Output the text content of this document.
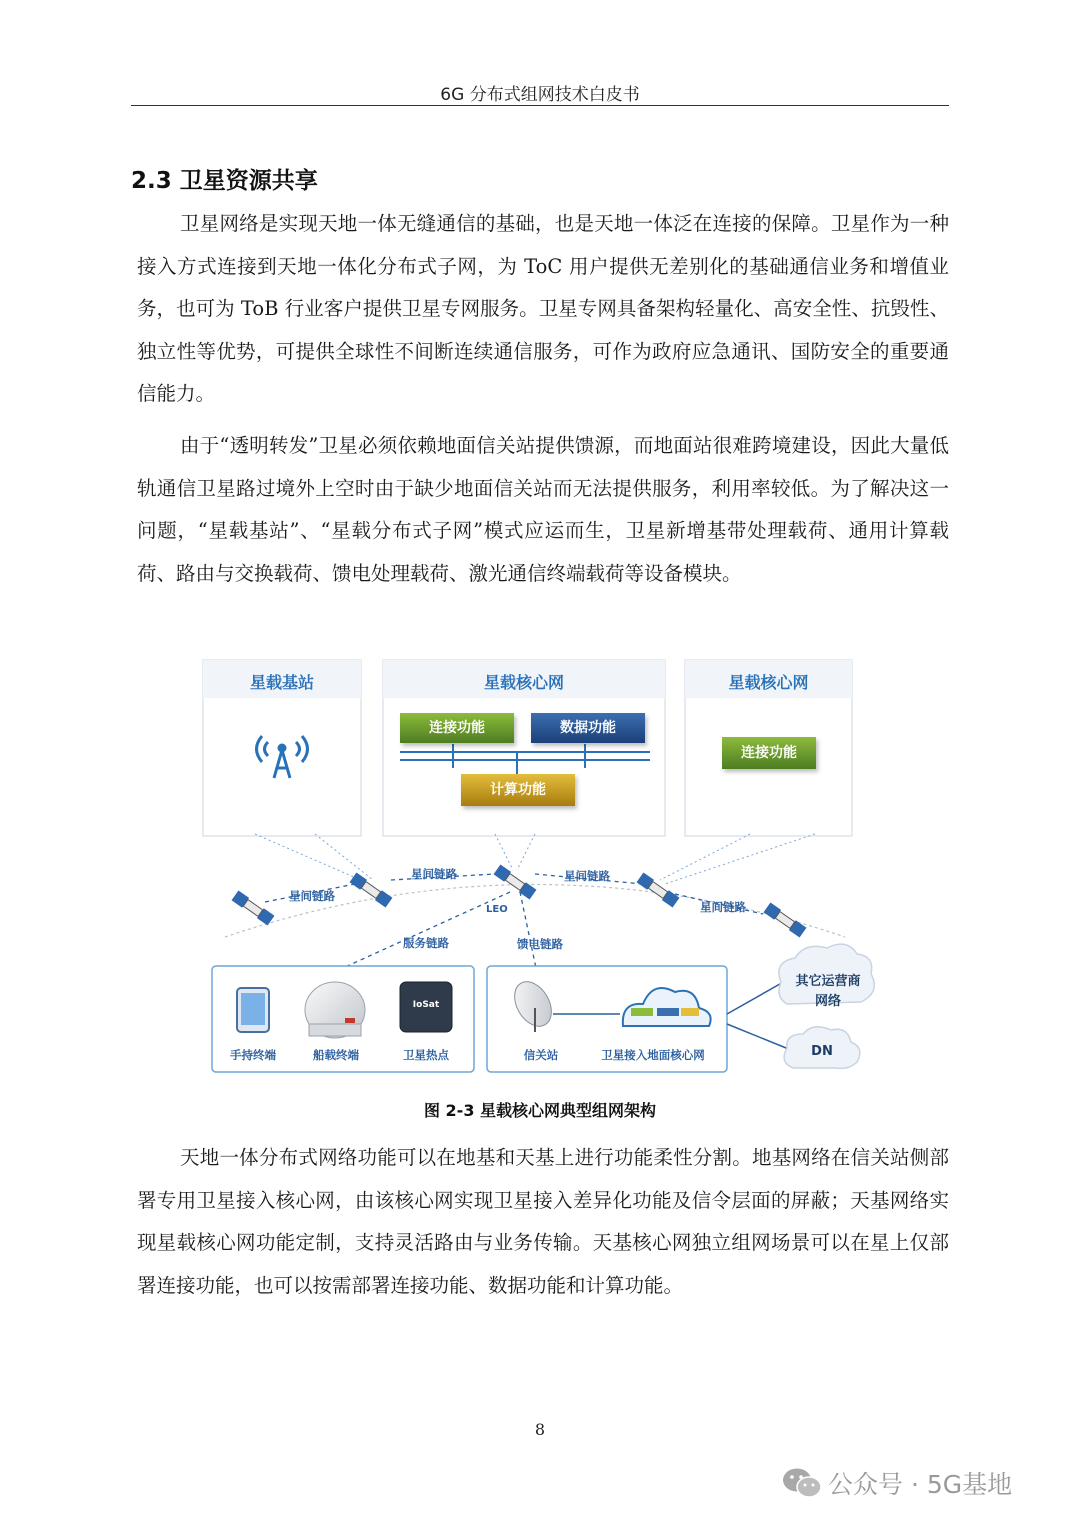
6G 分布式组网技术白皮书
2.3 卫星资源共享

卫星网络是实现天地一体无缝通信的基础，也是天地一体泛在连接的保障。卫星作为一种接入方式连接到天地一体化分布式子网，为 ToC 用户提供无差别化的基础通信业务和增值业务，也可为 ToB 行业客户提供卫星专网服务。卫星专网具备架构轻量化、高安全性、抗毁性、独立性等优势，可提供全球性不间断连续通信服务，可作为政府应急通讯、国防安全的重要通信能力。

由于“透明转发”卫星必须依赖地面信关站提供馈源，而地面站很难跨境建设，因此大量低轨通信卫星路过境外上空时由于缺少地面信关站而无法提供服务，利用率较低。为了解决这一问题，“星载基站”、“星载分布式子网”模式应运而生，卫星新增基带处理载荷、通用计算载荷、路由与交换载荷、馈电处理载荷、激光通信终端载荷等设备模块。

星载基站	星载核心网	星载核心网
连接功能	数据功能
计算功能
连接功能
星间链路
星间链路	星间链路
星间链路
LEO
服务链路	馈电链路
手持终端	船载终端	卫星热点
IoSat
信关站	卫星接入地面核心网
其它运营商
网络
DN
图 2-3 星载核心网典型组网架构

天地一体分布式网络功能可以在地基和天基上进行功能柔性分割。地基网络在信关站侧部署专用卫星接入核心网，由该核心网实现卫星接入差异化功能及信令层面的屏蔽；天基网络实现星载核心网功能定制，支持灵活路由与业务传输。天基核心网独立组网场景可以在星上仅部署连接功能，也可以按需部署连接功能、数据功能和计算功能。

8
公众号 · 5G基地
